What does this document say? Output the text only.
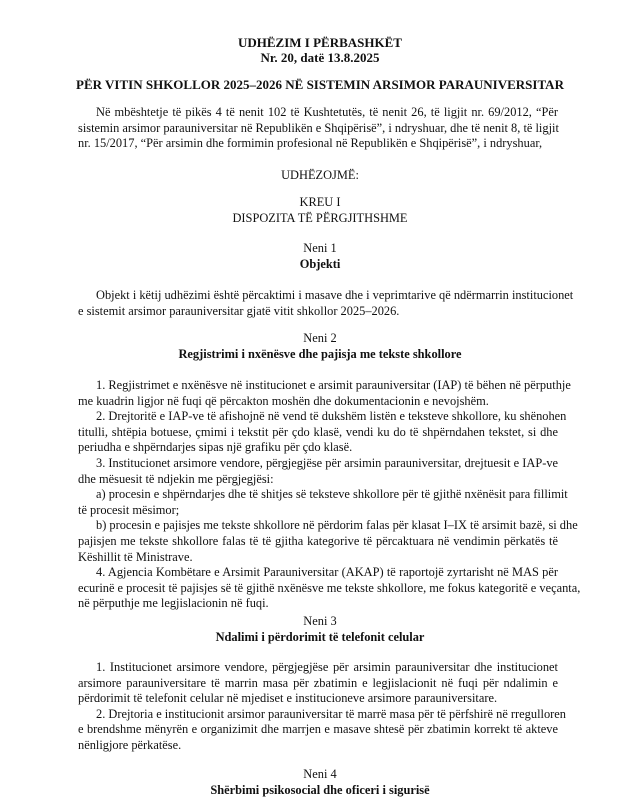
UDHËZIM I PËRBASHKËT

Nr. 20, datë 13.8.2025

PËR VITIN SHKOLLOR 2025–2026 NË SISTEMIN ARSIMOR PARAUNIVERSITAR

Në mbështetje të pikës 4 të nenit 102 të Kushtetutës, të nenit 26, të ligjit nr. 69/2012, “Për
sistemin arsimor parauniversitar në Republikën e Shqipërisë”, i ndryshuar, dhe të nenit 8, të ligjit
nr. 15/2017, “Për arsimin dhe formimin profesional në Republikën e Shqipërisë”, i ndryshuar,

UDHËZOJMË:

KREU I

DISPOZITA TË PËRGJITHSHME

Neni 1

Objekti

Objekt i këtij udhëzimi është përcaktimi i masave dhe i veprimtarive që ndërmarrin institucionet
e sistemit arsimor parauniversitar gjatë vitit shkollor 2025–2026.

Neni 2

Regjistrimi i nxënësve dhe pajisja me tekste shkollore

1. Regjistrimet e nxënësve në institucionet e arsimit parauniversitar (IAP) të bëhen në përputhje
me kuadrin ligjor në fuqi që përcakton moshën dhe dokumentacionin e nevojshëm.
2. Drejtoritë e IAP-ve të afishojnë në vend të dukshëm listën e teksteve shkollore, ku shënohen
titulli, shtëpia botuese, çmimi i tekstit për çdo klasë, vendi ku do të shpërndahen tekstet, si dhe
periudha e shpërndarjes sipas një grafiku për çdo klasë.
3. Institucionet arsimore vendore, përgjegjëse për arsimin parauniversitar, drejtuesit e IAP-ve
dhe mësuesit të ndjekin me përgjegjësi:
a) procesin e shpërndarjes dhe të shitjes së teksteve shkollore për të gjithë nxënësit para fillimit
të procesit mësimor;
b) procesin e pajisjes me tekste shkollore në përdorim falas për klasat I–IX të arsimit bazë, si dhe
pajisjen me tekste shkollore falas të të gjitha kategorive të përcaktuara në vendimin përkatës të
Këshillit të Ministrave.
4. Agjencia Kombëtare e Arsimit Parauniversitar (AKAP) të raportojë zyrtarisht në MAS për
ecurinë e procesit të pajisjes së të gjithë nxënësve me tekste shkollore, me fokus kategoritë e veçanta,
në përputhje me legjislacionin në fuqi.

Neni 3

Ndalimi i përdorimit të telefonit celular

1. Institucionet arsimore vendore, përgjegjëse për arsimin parauniversitar dhe institucionet
arsimore parauniversitare të marrin masa për zbatimin e legjislacionit në fuqi për ndalimin e
përdorimit të telefonit celular në mjediset e institucioneve arsimore parauniversitare.
2. Drejtoria e institucionit arsimor parauniversitar të marrë masa për të përfshirë në rregulloren
e brendshme mënyrën e organizimit dhe marrjen e masave shtesë për zbatimin korrekt të akteve
nënligjore përkatëse.

Neni 4

Shërbimi psikosocial dhe oficeri i sigurisë
